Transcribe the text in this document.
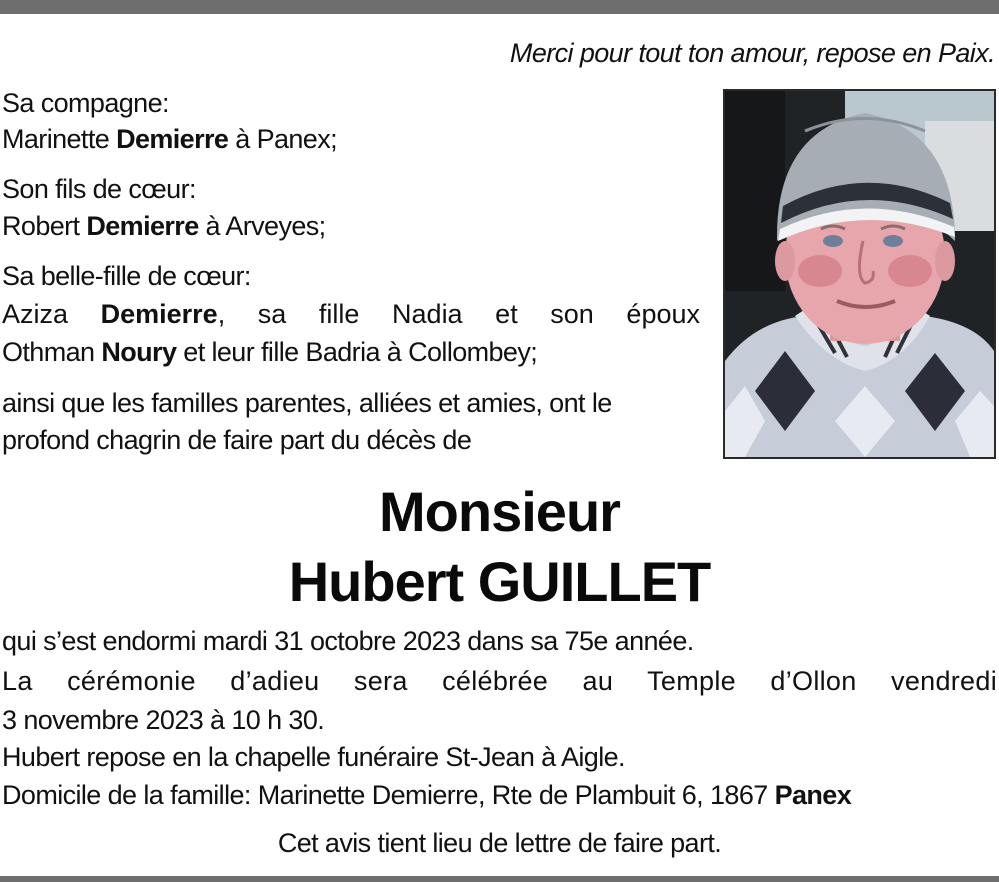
Merci pour tout ton amour, repose en Paix.

Sa compagne:

Marinette Demierre à Panex;

Son fils de cœur:

Robert Demierre à Arveyes;

Sa belle-fille de cœur:

Aziza Demierre, sa fille Nadia et son époux

Othman Noury et leur fille Badria à Collombey;

ainsi que les familles parentes, alliées et amies, ont le

profond chagrin de faire part du décès de

Monsieur

Hubert GUILLET

qui s’est endormi mardi 31 octobre 2023 dans sa 75e année.

La cérémonie d’adieu sera célébrée au Temple d’Ollon vendredi

3 novembre 2023 à 10 h 30.

Hubert repose en la chapelle funéraire St-Jean à Aigle.

Domicile de la famille: Marinette Demierre, Rte de Plambuit 6, 1867 Panex

Cet avis tient lieu de lettre de faire part.
